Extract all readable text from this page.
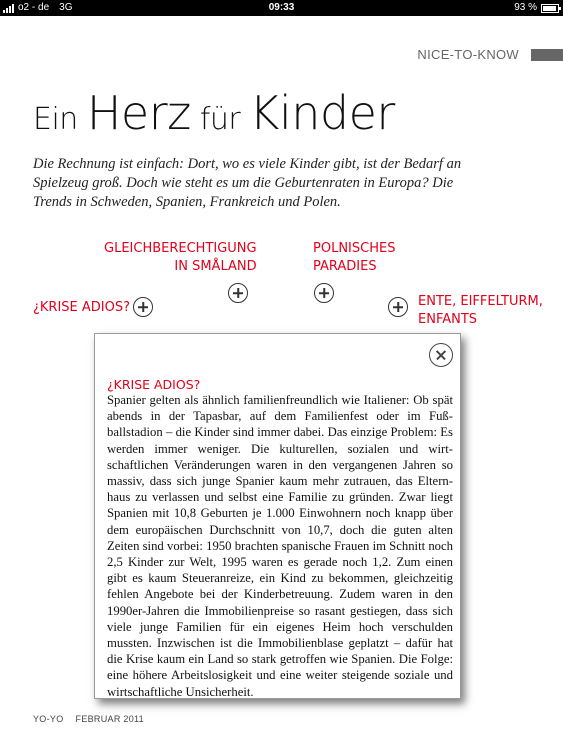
o2 - de 3G	09:33	93 %
NICE-TO-KNOW
Ein Herz für Kinder

Die Rechnung ist einfach: Dort, wo es viele Kinder gibt, ist der Bedarf an Spielzeug groß. Doch wie steht es um die Geburtenraten in Europa? Die Trends in Schweden, Spanien, Frankreich und Polen.

GLEICHBERECHTIGUNG
IN SMÅLAND
POLNISCHES
PARADIES
¿KRISE ADIOS?	ENTE, EIFFELTURM,
ENFANTS
¿KRISE ADIOS?

Spanier gelten als ähnlich familienfreundlich wie Italiener: Ob spät abends in der Tapasbar, auf dem Familienfest oder im Fußballstadion – die Kinder sind immer dabei. Das einzige Problem: Es werden immer weniger. Die kulturellen, sozialen und wirtschaftlichen Veränderungen waren in den vergangenen Jahren so massiv, dass sich junge Spanier kaum mehr zutrauen, das Elternhaus zu verlassen und selbst eine Familie zu gründen. Zwar liegt Spanien mit 10,8 Geburten je 1.000 Einwohnern noch knapp über dem europäischen Durchschnitt von 10,7, doch die guten alten Zeiten sind vorbei: 1950 brachten spanische Frauen im Schnitt noch 2,5 Kinder zur Welt, 1995 waren es gerade noch 1,2. Zum einen gibt es kaum Steueranreize, ein Kind zu bekommen, gleichzeitig fehlen Angebote bei der Kinderbetreuung. Zudem waren in den 1990er-Jahren die Immobilienpreise so rasant gestiegen, dass sich viele junge Familien für ein eigenes Heim hoch verschulden mussten. Inzwischen ist die Immobilienblase geplatzt – dafür hat die Krise kaum ein Land so stark getroffen wie Spanien. Die Folge: eine höhere Arbeitslosigkeit und eine weiter steigende soziale und wirtschaftliche Unsicherheit.

YO-YO FEBRUAR 2011
